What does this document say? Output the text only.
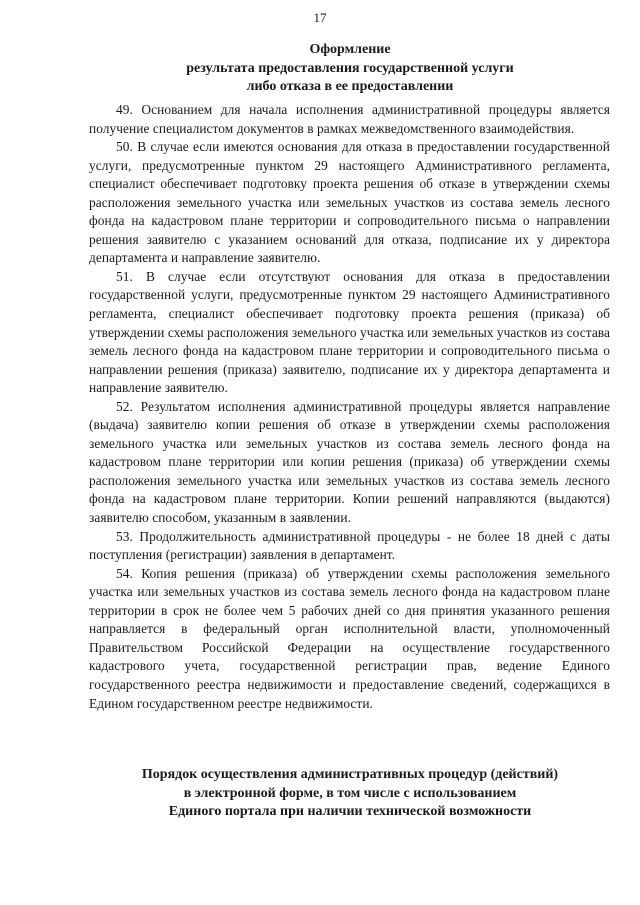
17
Оформление
результата предоставления государственной услуги
либо отказа в ее предоставлении

49. Основанием для начала исполнения административной процедуры является получение специалистом документов в рамках межведомственного взаимодействия.

50. В случае если имеются основания для отказа в предоставлении государственной услуги, предусмотренные пунктом 29 настоящего Административного регламента, специалист обеспечивает подготовку проекта решения об отказе в утверждении схемы расположения земельного участка или земельных участков из состава земель лесного фонда на кадастровом плане территории и сопроводительного письма о направлении решения заявителю с указанием оснований для отказа, подписание их у директора департамента и направление заявителю.

51. В случае если отсутствуют основания для отказа в предоставлении государственной услуги, предусмотренные пунктом 29 настоящего Административного регламента, специалист обеспечивает подготовку проекта решения (приказа) об утверждении схемы расположения земельного участка или земельных участков из состава земель лесного фонда на кадастровом плане территории и сопроводительного письма о направлении решения (приказа) заявителю, подписание их у директора департамента и направление заявителю.

52. Результатом исполнения административной процедуры является направление (выдача) заявителю копии решения об отказе в утверждении схемы расположения земельного участка или земельных участков из состава земель лесного фонда на кадастровом плане территории или копии решения (приказа) об утверждении схемы расположения земельного участка или земельных участков из состава земель лесного фонда на кадастровом плане территории. Копии решений направляются (выдаются) заявителю способом, указанным в заявлении.

53. Продолжительность административной процедуры - не более 18 дней с даты поступления (регистрации) заявления в департамент.

54. Копия решения (приказа) об утверждении схемы расположения земельного участка или земельных участков из состава земель лесного фонда на кадастровом плане территории в срок не более чем 5 рабочих дней со дня принятия указанного решения направляется в федеральный орган исполнительной власти, уполномоченный Правительством Российской Федерации на осуществление государственного кадастрового учета, государственной регистрации прав, ведение Единого государственного реестра недвижимости и предоставление сведений, содержащихся в Едином государственном реестре недвижимости.

Порядок осуществления административных процедур (действий)
в электронной форме, в том числе с использованием
Единого портала при наличии технической возможности
